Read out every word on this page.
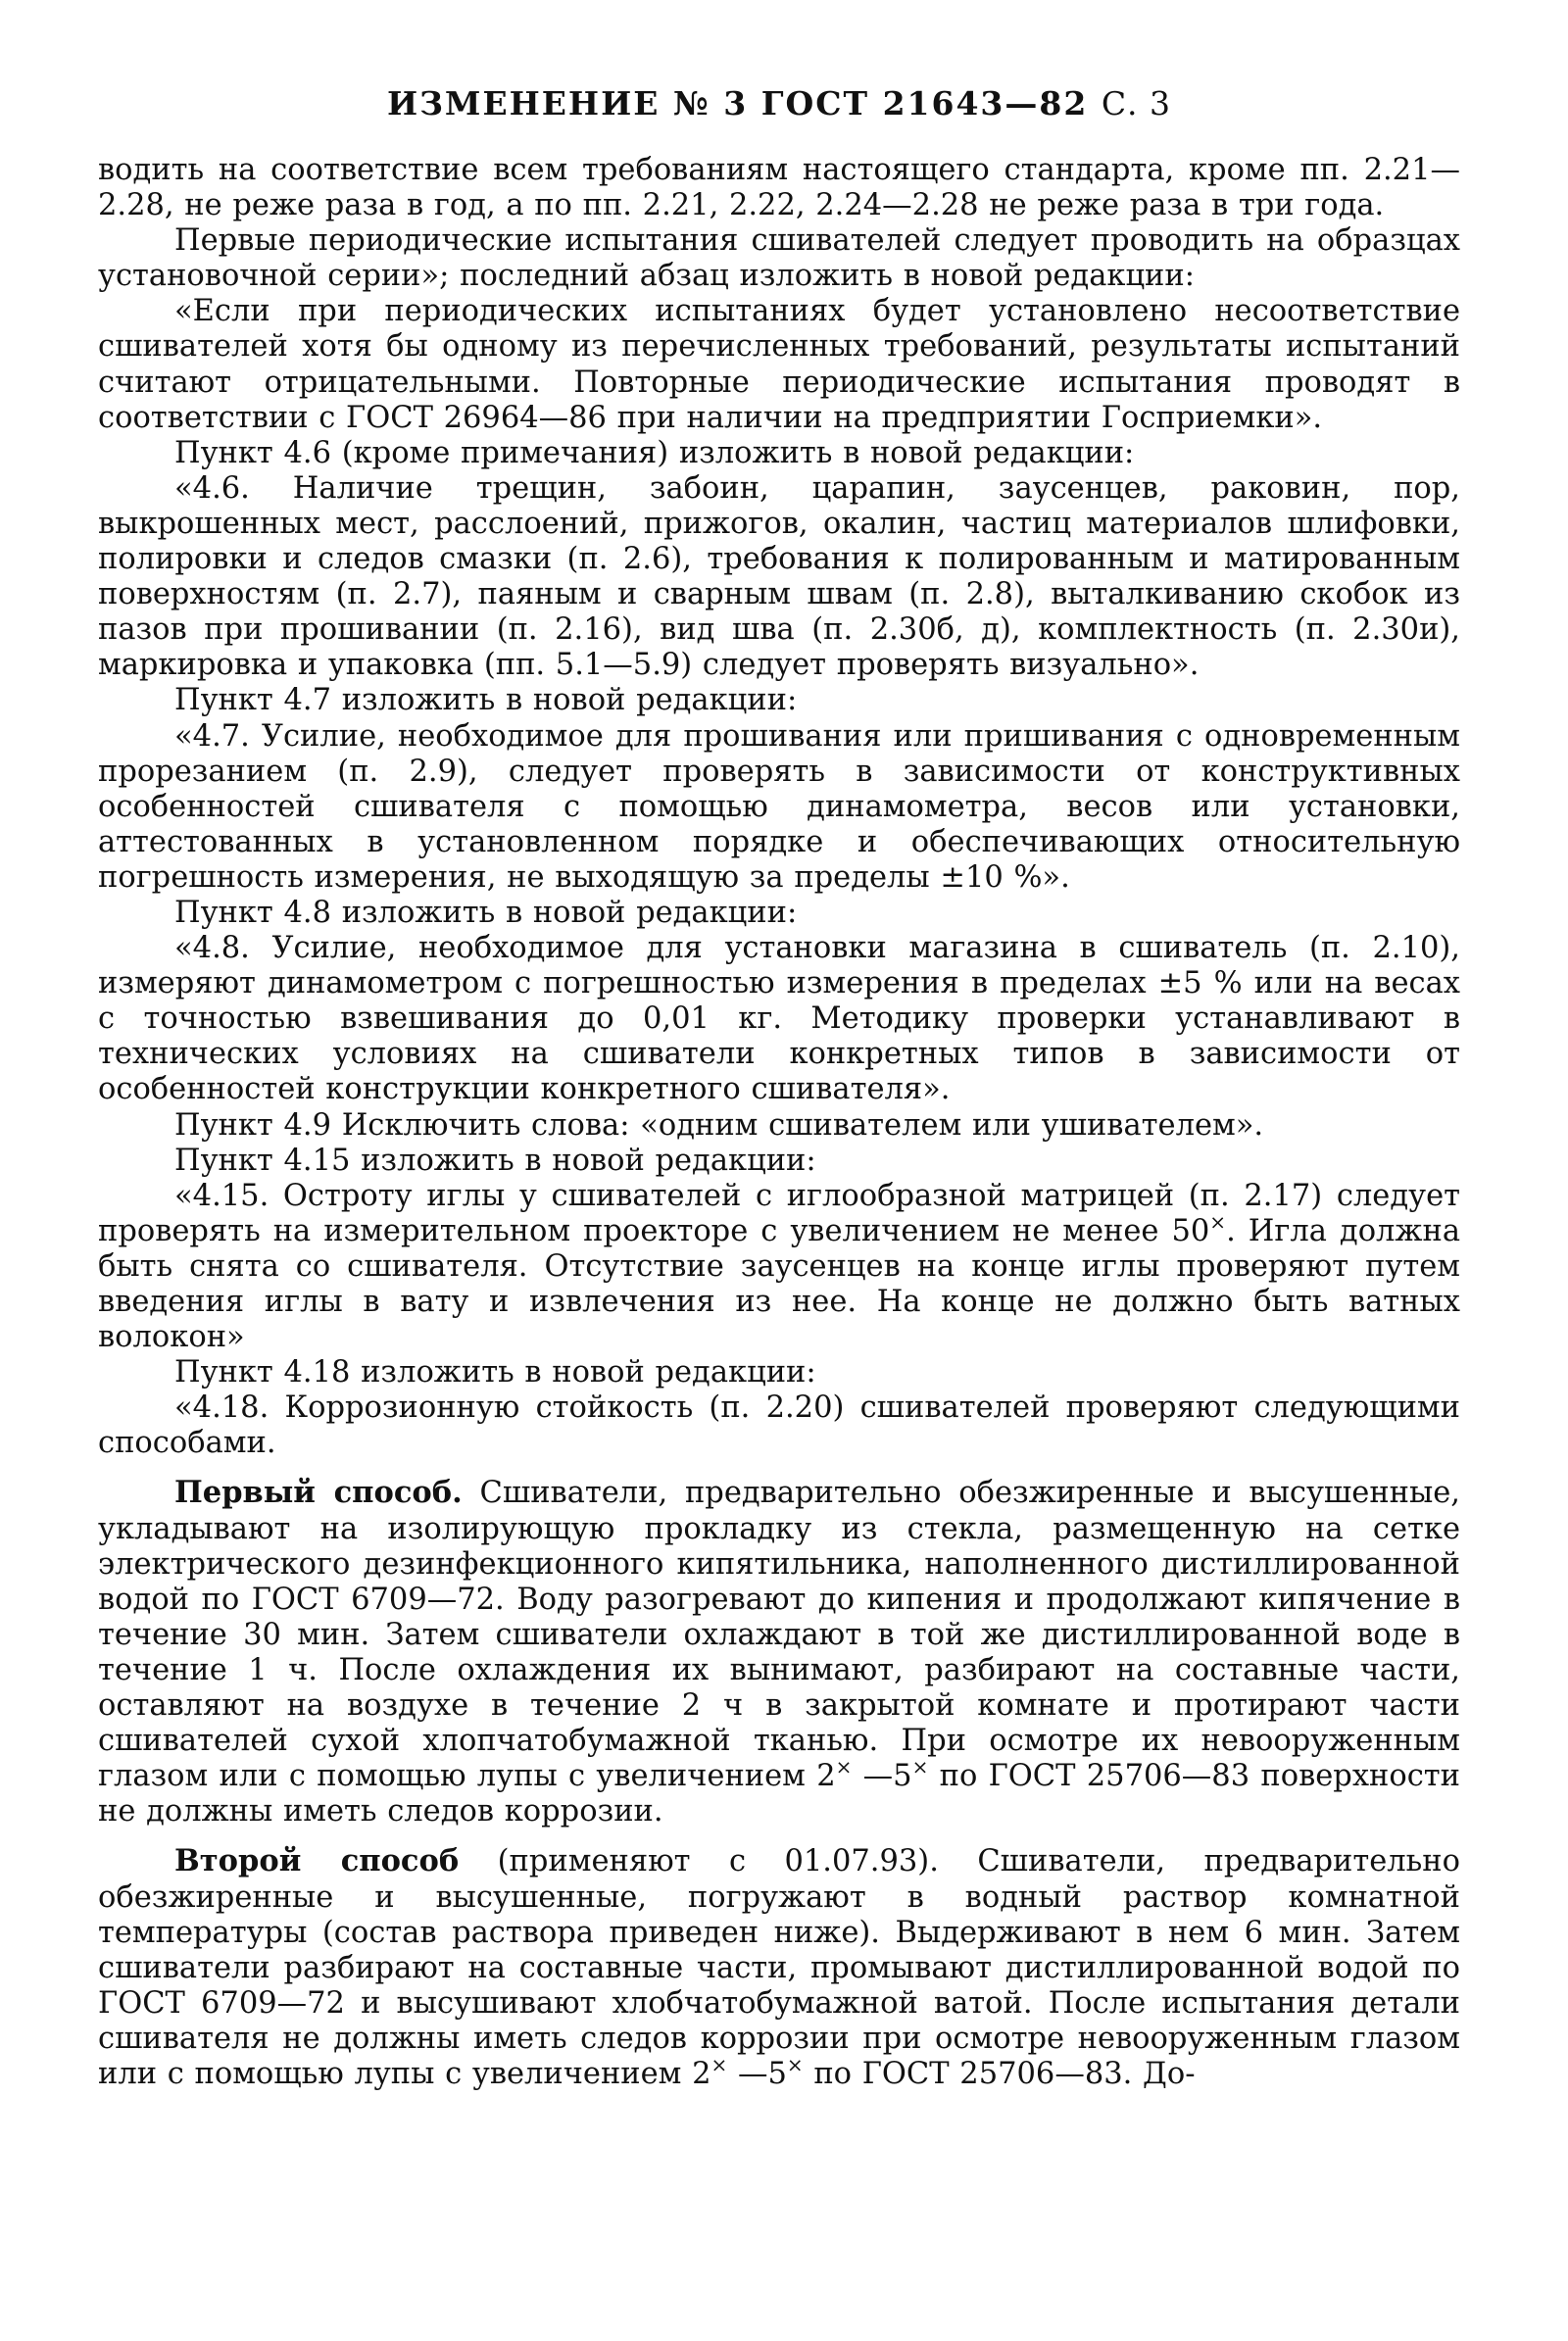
ИЗМЕНЕНИЕ № 3 ГОСТ 21643—82 С. 3

водить на соответствие всем требованиям настоящего стандарта, кроме пп. 2.21—2.28, не реже раза в год, а по пп. 2.21, 2.22, 2.24—2.28 не реже раза в три года.

Первые периодические испытания сшивателей следует проводить на образцах установочной серии»; последний абзац изложить в новой редакции:

«Если при периодических испытаниях будет установлено несоответствие сшивателей хотя бы одному из перечисленных требований, результаты испытаний считают отрицательными. Повторные периодические испытания проводят в соответствии с ГОСТ 26964—86 при наличии на предприятии Госприемки».

Пункт 4.6 (кроме примечания) изложить в новой редакции:

«4.6. Наличие трещин, забоин, царапин, заусенцев, раковин, пор, выкрошенных мест, расслоений, прижогов, окалин, частиц материалов шлифовки, полировки и следов смазки (п. 2.6), требования к полированным и матированным поверхностям (п. 2.7), паяным и сварным швам (п. 2.8), выталкиванию скобок из пазов при прошивании (п. 2.16), вид шва (п. 2.30б, д), комплектность (п. 2.30и), маркировка и упаковка (пп. 5.1—5.9) следует проверять визуально».

Пункт 4.7 изложить в новой редакции:

«4.7. Усилие, необходимое для прошивания или пришивания с одновременным прорезанием (п. 2.9), следует проверять в зависимости от конструктивных особенностей сшивателя с помощью динамометра, весов или установки, аттестованных в установленном порядке и обеспечивающих относительную погрешность измерения, не выходящую за пределы ±10 %».

Пункт 4.8 изложить в новой редакции:

«4.8. Усилие, необходимое для установки магазина в сшиватель (п. 2.10), измеряют динамометром с погрешностью измерения в пределах ±5 % или на весах с точностью взвешивания до 0,01 кг. Методику проверки устанавливают в технических условиях на сшиватели конкретных типов в зависимости от особенностей конструкции конкретного сшивателя».

Пункт 4.9 Исключить слова: «одним сшивателем или ушивателем».

Пункт 4.15 изложить в новой редакции:

«4.15. Остроту иглы у сшивателей с иглообразной матрицей (п. 2.17) следует проверять на измерительном проекторе с увеличением не менее 50×. Игла должна быть снята со сшивателя. Отсутствие заусенцев на конце иглы проверяют путем введения иглы в вату и извлечения из нее. На конце не должно быть ватных волокон»

Пункт 4.18 изложить в новой редакции:

«4.18. Коррозионную стойкость (п. 2.20) сшивателей проверяют следующими способами.

Первый способ. Сшиватели, предварительно обезжиренные и высушенные, укладывают на изолирующую прокладку из стекла, размещенную на сетке электрического дезинфекционного кипятильника, наполненного дистиллированной водой по ГОСТ 6709—72. Воду разогревают до кипения и продолжают кипячение в течение 30 мин. Затем сшиватели охлаждают в той же дистиллированной воде в течение 1 ч. После охлаждения их вынимают, разбирают на составные части, оставляют на воздухе в течение 2 ч в закрытой комнате и протирают части сшивателей сухой хлопчатобумажной тканью. При осмотре их невооруженным глазом или с помощью лупы с увеличением 2× —5× по ГОСТ 25706—83 поверхности не должны иметь следов коррозии.

Второй способ (применяют с 01.07.93). Сшиватели, предварительно обезжиренные и высушенные, погружают в водный раствор комнатной температуры (состав раствора приведен ниже). Выдерживают в нем 6 мин. Затем сшиватели разбирают на составные части, промывают дистиллированной водой по ГОСТ 6709—72 и высушивают хлобчатобумажной ватой. После испытания детали сшивателя не должны иметь следов коррозии при осмотре невооруженным глазом или с помощью лупы с увеличением 2× —5× по ГОСТ 25706—83. До-
